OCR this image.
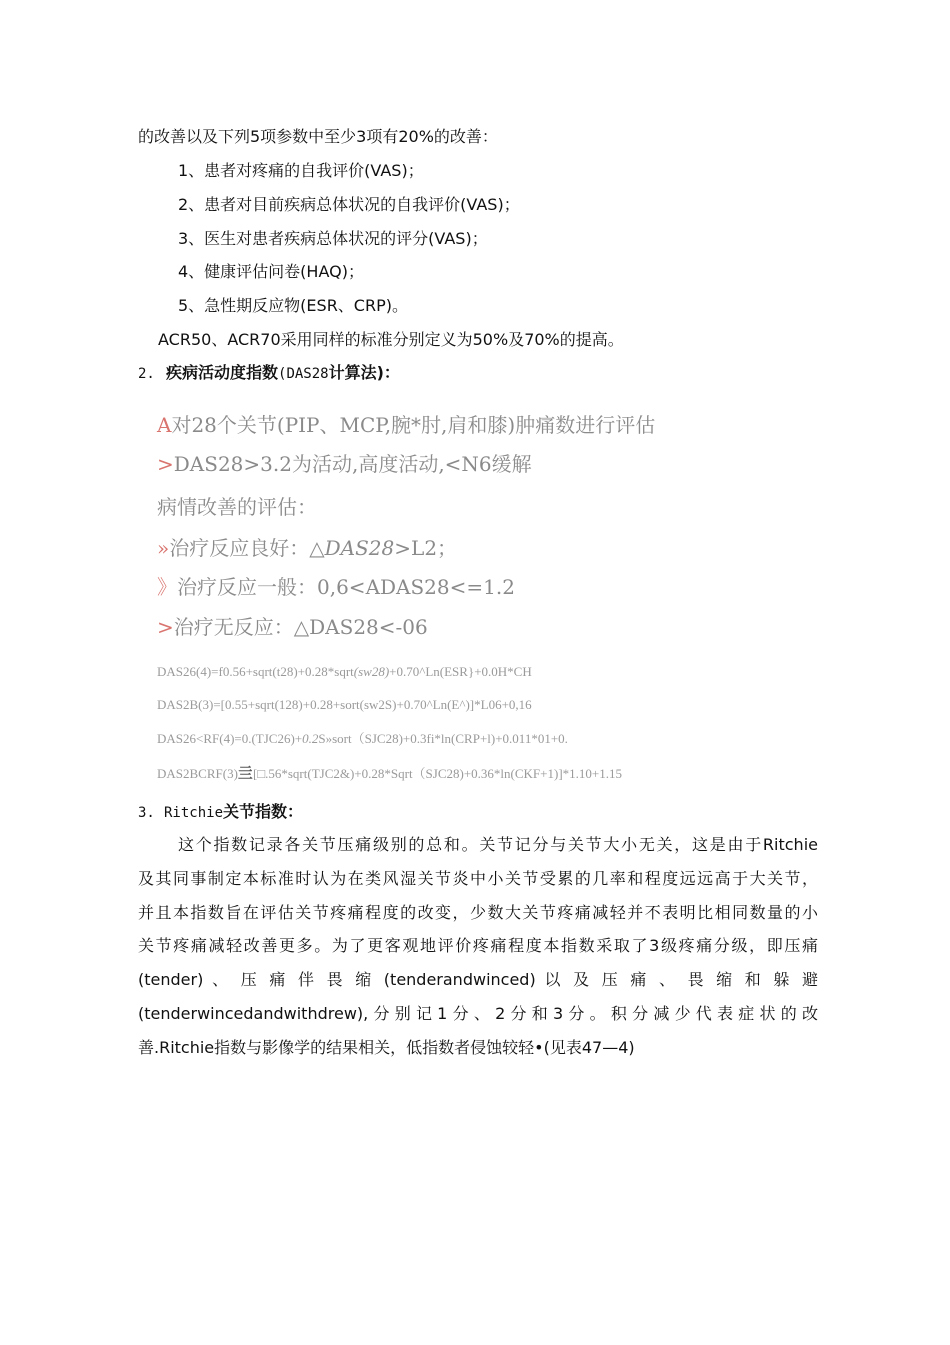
的改善以及下列5项参数中至少3项有20%的改善：
1、患者对疼痛的自我评价(VAS)；
2、患者对目前疾病总体状况的自我评价(VAS)；
3、医生对患者疾病总体状况的评分(VAS)；
4、健康评估问卷(HAQ)；
5、急性期反应物(ESR、CRP)。
ACR50、ACR70采用同样的标准分别定义为50%及70%的提高。
2. 疾病活动度指数(DAS28计算法)：
A对28个关节(PIP、MCP,腕*肘,肩和膝)肿痛数进行评估
>DAS28>3.2为活动,高度活动,<N6缓解
病情改善的评估：
»治疗反应良好：△DAS28>L2；
》治疗反应一般：0,6<ADAS28<=1.2
>治疗无反应：△DAS28<-06
DAS26(4)=f0.56+sqrt(t28)+0.28*sqrt(sw28)+0.70^Ln(ESR}+0.0H*CH
DAS2B(3)=[0.55+sqrt(128)+0.28+sort(sw2S)+0.70^Ln(E^)]*L06+0,16
DAS26<RF(4)=0.(TJC26)+0.2S»sort（SJC28)+0.3fi*ln(CRP+l)+0.011*01+0.
DAS2BCRF(3)亖[□.56*sqrt(TJC2&)+0.28*Sqrt（SJC28)+0.36*ln(CKF+1)]*1.10+1.15
3. Ritchie关节指数：
这个指数记录各关节压痛级别的总和。关节记分与关节大小无关，这是由于Ritchie
及其同事制定本标准时认为在类风湿关节炎中小关节受累的几率和程度远远高于大关节，
并且本指数旨在评估关节疼痛程度的改变，少数大关节疼痛减轻并不表明比相同数量的小
关节疼痛减轻改善更多。为了更客观地评价疼痛程度本指数采取了3级疼痛分级，即压痛
(tender) 、 压 痛 伴 畏 缩 (tenderandwinced) 以 及 压 痛 、 畏 缩 和 躲 避
(tenderwincedandwithdrew),分别记1分、2分和3分。积分减少代表症状的改
善.Ritchie指数与影像学的结果相关，低指数者侵蚀较轻•(见表47—4)
